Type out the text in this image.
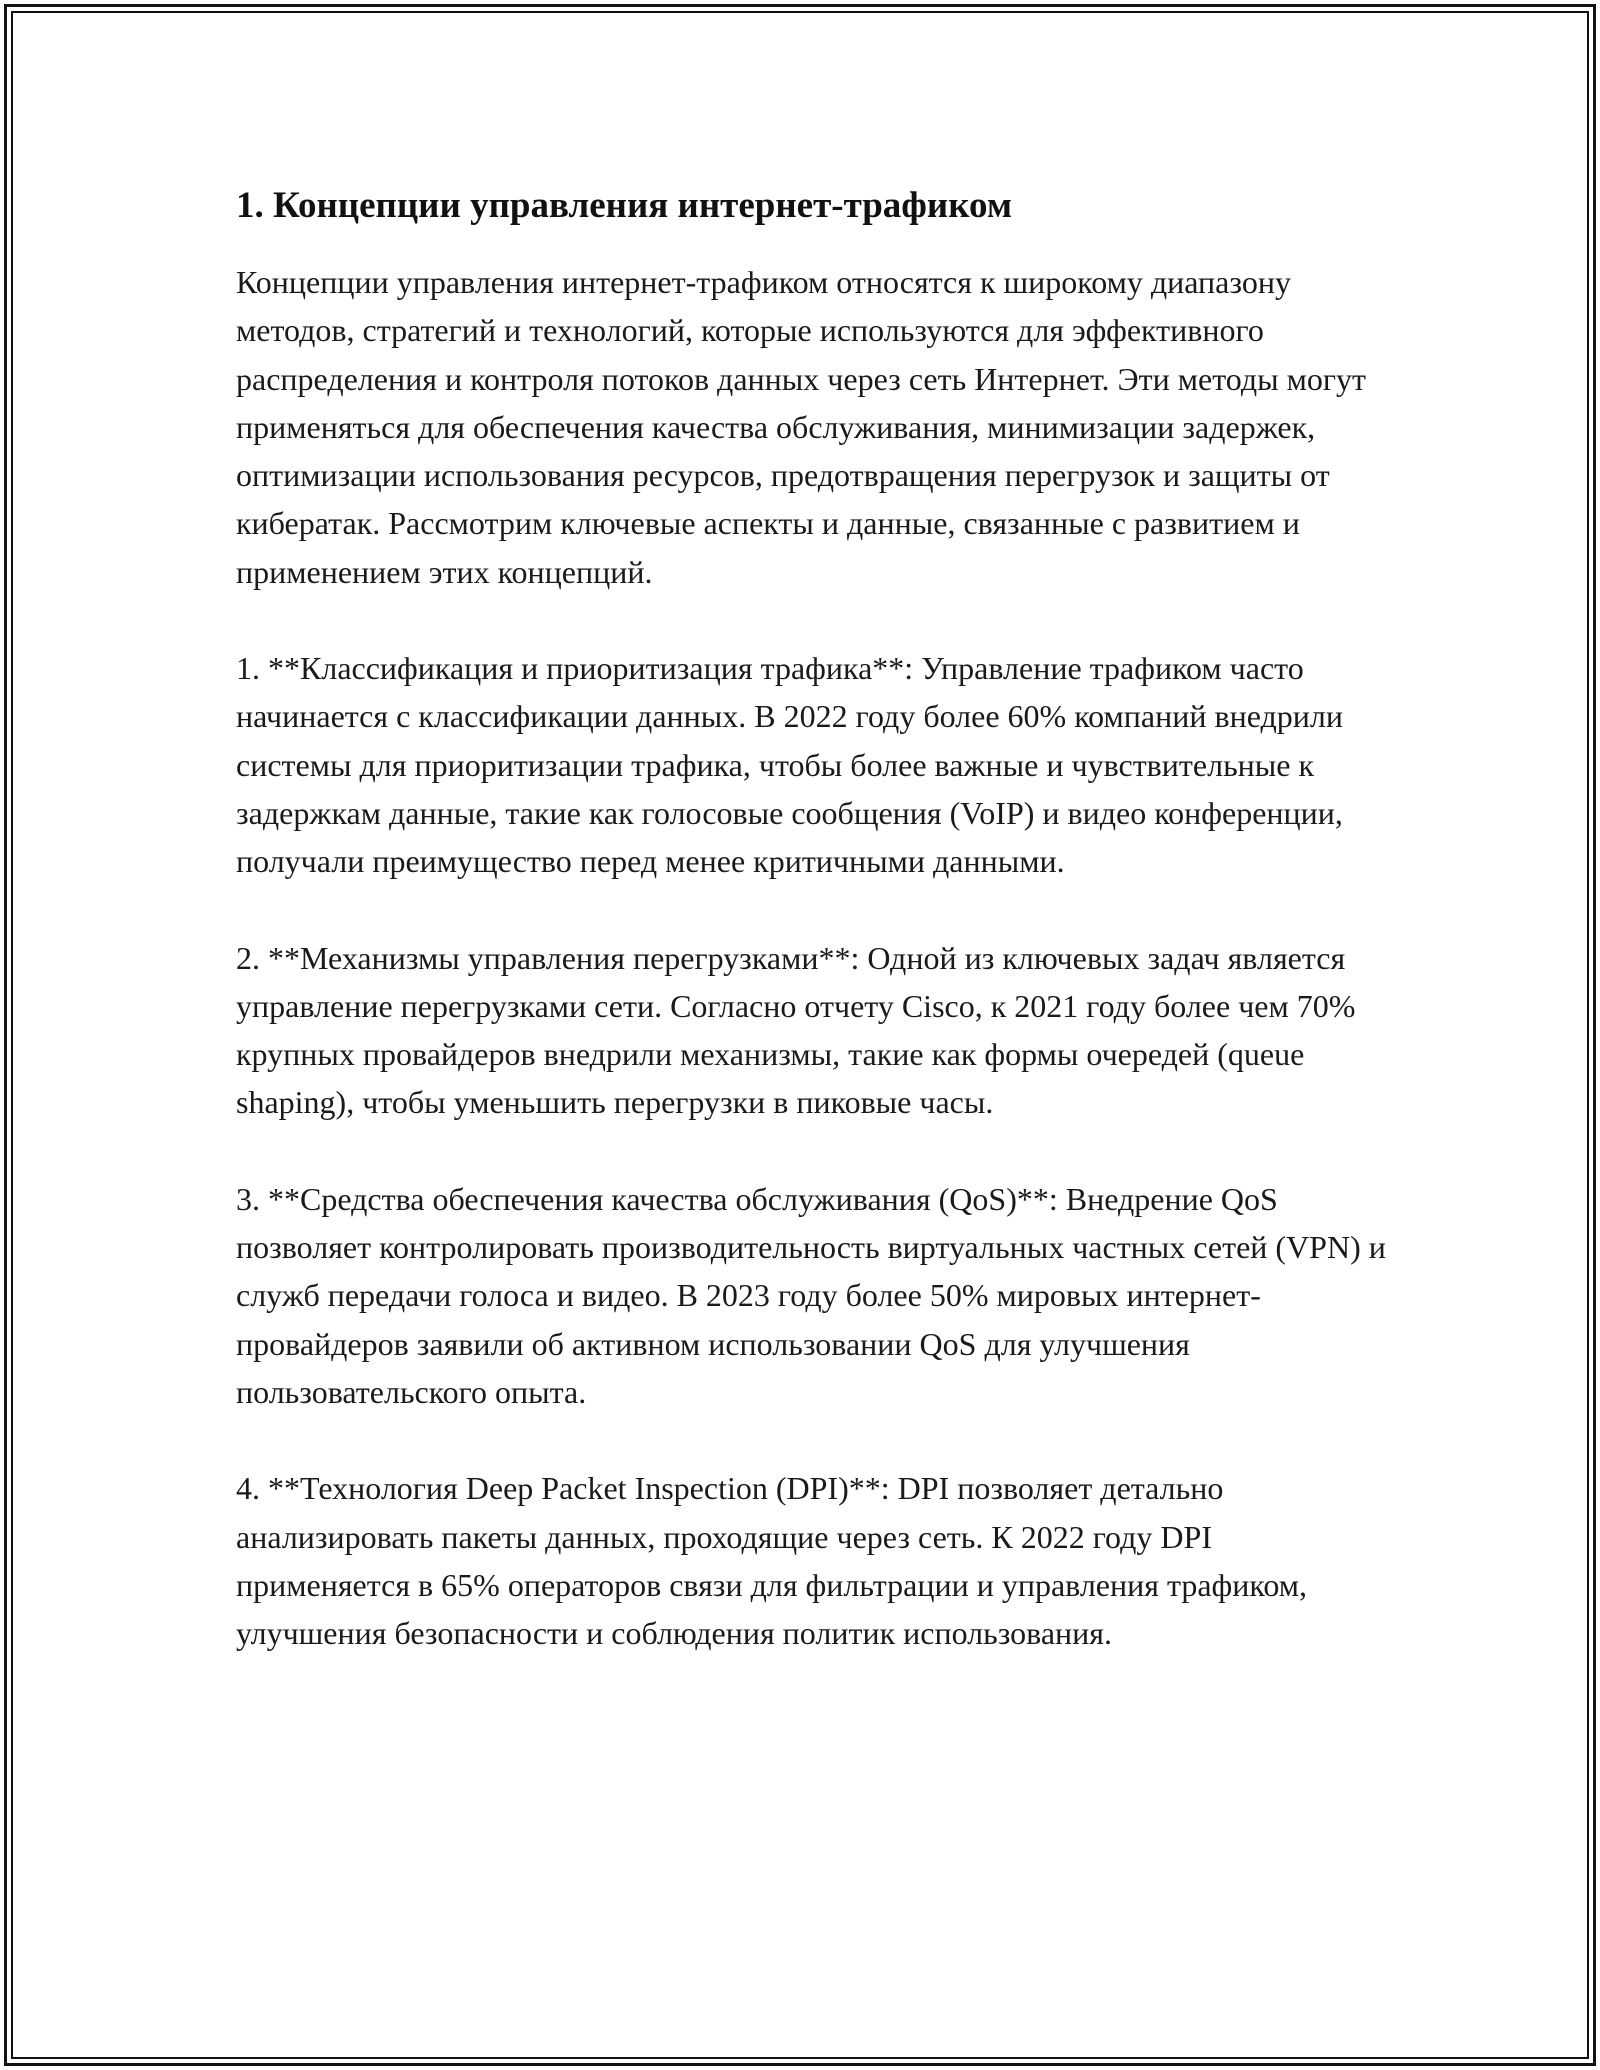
1. Концепции управления интернет-трафиком

Концепции управления интернет-трафиком относятся к широкому диапазону методов, стратегий и технологий, которые используются для эффективного распределения и контроля потоков данных через сеть Интернет. Эти методы могут применяться для обеспечения качества обслуживания, минимизации задержек, оптимизации использования ресурсов, предотвращения перегрузок и защиты от кибератак. Рассмотрим ключевые аспекты и данные, связанные с развитием и применением этих концепций.

1. **Классификация и приоритизация трафика**: Управление трафиком часто начинается с классификации данных. В 2022 году более 60% компаний внедрили системы для приоритизации трафика, чтобы более важные и чувствительные к задержкам данные, такие как голосовые сообщения (VoIP) и видео конференции, получали преимущество перед менее критичными данными.

2. **Механизмы управления перегрузками**: Одной из ключевых задач является управление перегрузками сети. Согласно отчету Cisco, к 2021 году более чем 70% крупных провайдеров внедрили механизмы, такие как формы очередей (queue shaping), чтобы уменьшить перегрузки в пиковые часы.

3. **Средства обеспечения качества обслуживания (QoS)**: Внедрение QoS позволяет контролировать производительность виртуальных частных сетей (VPN) и служб передачи голоса и видео. В 2023 году более 50% мировых интернет-провайдеров заявили об активном использовании QoS для улучшения пользовательского опыта.

4. **Технология Deep Packet Inspection (DPI)**: DPI позволяет детально анализировать пакеты данных, проходящие через сеть. К 2022 году DPI применяется в 65% операторов связи для фильтрации и управления трафиком, улучшения безопасности и соблюдения политик использования.
